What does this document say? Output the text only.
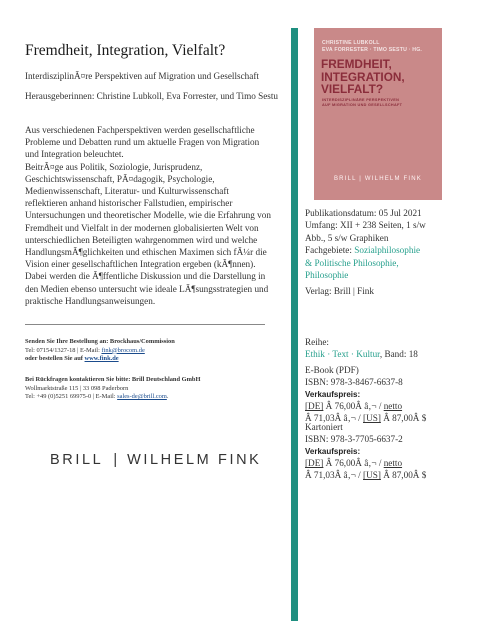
Fremdheit, Integration, Vielfalt?
InterdisziplinÃ¤re Perspektiven auf Migration und Gesellschaft
Herausgeberinnen: Christine Lubkoll, Eva Forrester, und Timo Sestu
Aus verschiedenen Fachperspektiven werden gesellschaftliche
Probleme und Debatten rund um aktuelle Fragen von Migration
und Integration beleuchtet.
BeitrÃ¤ge aus Politik, Soziologie, Jurisprudenz,
Geschichtswissenschaft, PÃ¤dagogik, Psychologie,
Medienwissenschaft, Literatur- und Kulturwissenschaft
reflektieren anhand historischer Fallstudien, empirischer
Untersuchungen und theoretischer Modelle, wie die Erfahrung von
Fremdheit und Vielfalt in der modernen globalisierten Welt von
unterschiedlichen Beteiligten wahrgenommen wird und welche
HandlungsmÃ¶glichkeiten und ethischen Maximen sich fÃ¼r die
Vision einer gesellschaftlichen Integration ergeben (kÃ¶nnen).
Dabei werden die Ã¶ffentliche Diskussion und die Darstellung in
den Medien ebenso untersucht wie ideale LÃ¶sungsstrategien und
praktische Handlungsanweisungen.
Senden Sie Ihre Bestellung an: Brockhaus/Commission
Tel: 07154/1327-18 | E-Mail: fink@brocom.de
oder bestellen Sie auf www.fink.de
Bei Rückfragen kontaktieren Sie bitte: Brill Deutschland GmbH
Wollmarktstraße 115 | 33 098 Paderborn
Tel: +49 (0)5251 69975-0 | E-Mail: sales-de@brill.com.
BRILL | WILHELM FINK
CHRISTINE LUBKOLL
EVA FORRESTER · TIMO SESTU · HG.
FREMDHEIT,
INTEGRATION,
VIELFALT?
INTERDISZIPLINÄRE PERSPEKTIVEN
AUF MIGRATION UND GESELLSCHAFT
BRILL | WILHELM FINK
Publikationsdatum: 05 Jul 2021
Umfang: XII + 238 Seiten, 1 s/w
Abb., 5 s/w Graphiken
Fachgebiete: Sozialphilosophie
& Politische Philosophie,
Philosophie
Verlag: Brill | Fink
Reihe:
Ethik · Text · Kultur, Band: 18
E-Book (PDF)
ISBN: 978-3-8467-6637-8
Verkaufspreis:
[DE] Â 76,00Â â‚¬ / netto
Â 71,03Â â‚¬ / [US] Â 87,00Â $
Kartoniert
ISBN: 978-3-7705-6637-2
Verkaufspreis:
[DE] Â 76,00Â â‚¬ / netto
Â 71,03Â â‚¬ / [US] Â 87,00Â $
